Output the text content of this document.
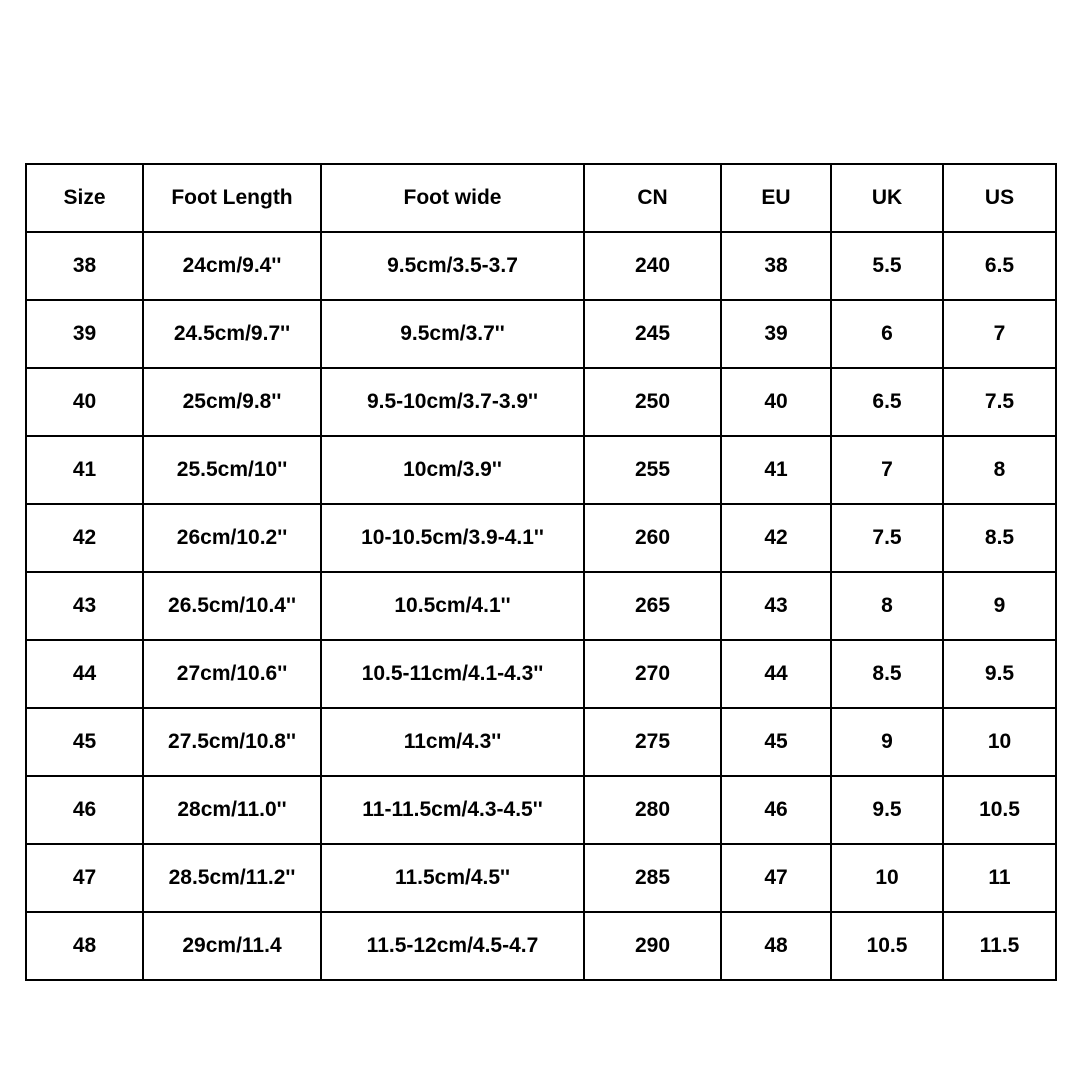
Size	Foot Length	Foot wide	CN	EU	UK	US
38	24cm/9.4''	9.5cm/3.5-3.7	240	38	5.5	6.5
39	24.5cm/9.7''	9.5cm/3.7''	245	39	6	7
40	25cm/9.8''	9.5-10cm/3.7-3.9''	250	40	6.5	7.5
41	25.5cm/10''	10cm/3.9''	255	41	7	8
42	26cm/10.2''	10-10.5cm/3.9-4.1''	260	42	7.5	8.5
43	26.5cm/10.4''	10.5cm/4.1''	265	43	8	9
44	27cm/10.6''	10.5-11cm/4.1-4.3''	270	44	8.5	9.5
45	27.5cm/10.8''	11cm/4.3''	275	45	9	10
46	28cm/11.0''	11-11.5cm/4.3-4.5''	280	46	9.5	10.5
47	28.5cm/11.2''	11.5cm/4.5''	285	47	10	11
48	29cm/11.4	11.5-12cm/4.5-4.7	290	48	10.5	11.5
